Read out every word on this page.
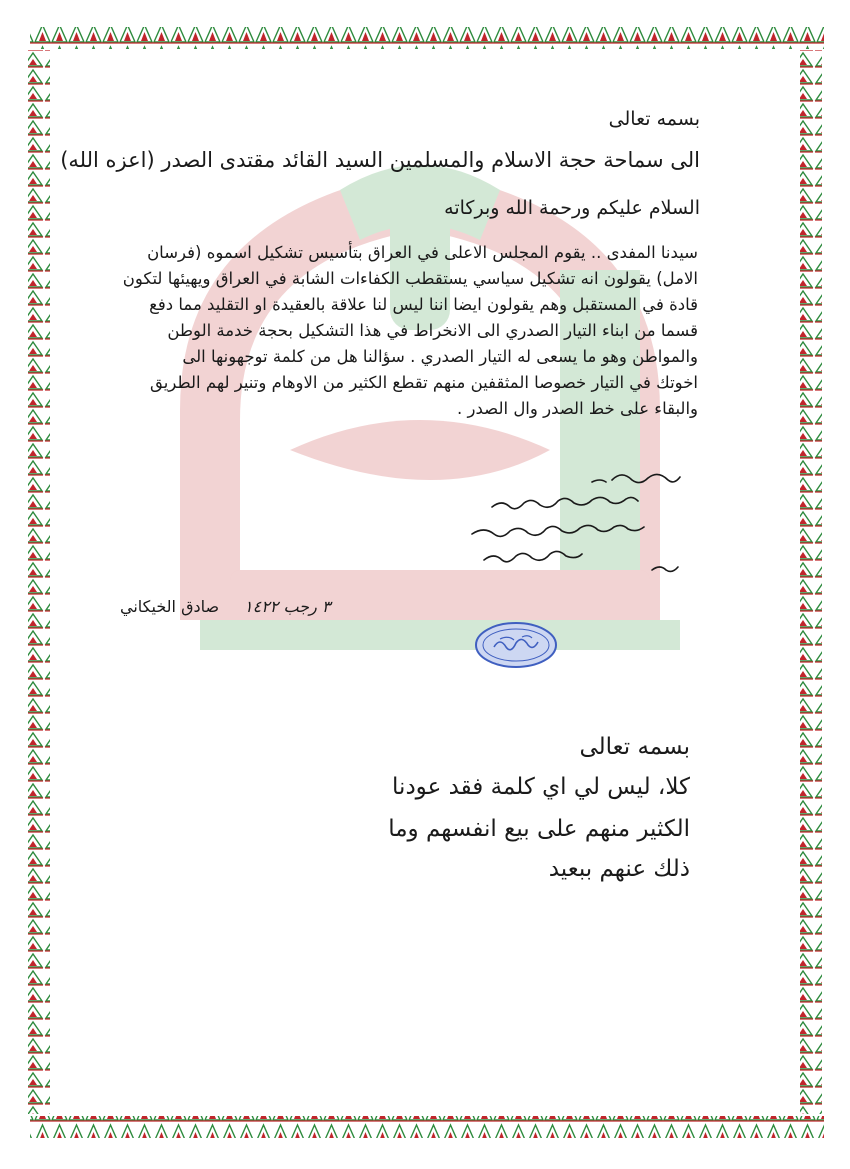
بسمه تعالى
الى سماحة حجة الاسلام والمسلمين السيد القائد مقتدى الصدر (اعزه الله)
السلام عليكم ورحمة الله وبركاته
سيدنا المفدى .. يقوم المجلس الاعلى في العراق بتأسيس تشكيل اسموه (فرسان
الامل) يقولون انه تشكيل سياسي يستقطب الكفاءات الشابة في العراق ويهيئها لتكون
قادة في المستقبل وهم يقولون ايضا اننا ليس لنا علاقة بالعقيدة او التقليد مما دفع
قسما من ابناء التيار الصدري الى الانخراط في هذا التشكيل بحجة خدمة الوطن
والمواطن وهو ما يسعى له التيار الصدري . سؤالنا هل من كلمة توجهونها الى
اخوتك في التيار خصوصا المثقفين منهم تقطع الكثير من الاوهام وتنير لهم الطريق
والبقاء على خط الصدر وال الصدر .
٣ رجب ١٤٢٢
صادق الخيكاني
بسمه تعالى
كلا، ليس لي اي كلمة فقد عودنا
الكثير منهم على بيع انفسهم وما
ذلك عنهم ببعيد
